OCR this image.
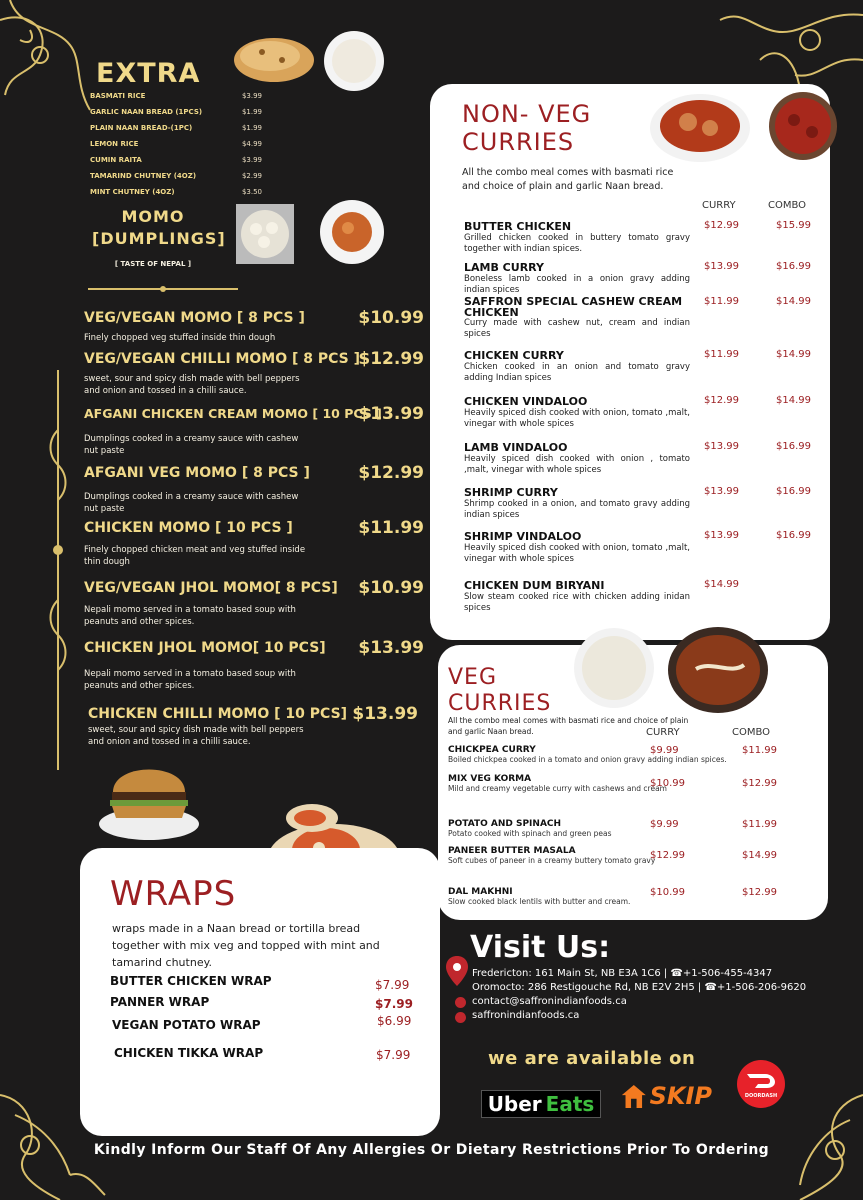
EXTRA
BASMATI RICE	$3.99
GARLIC NAAN BREAD (1PCS)	$1.99
PLAIN NAAN BREAD-(1PC)	$1.99
LEMON RICE	$4.99
CUMIN RAITA	$3.99
TAMARIND CHUTNEY (4OZ)	$2.99
MINT CHUTNEY (4OZ)	$3.50
MOMO
[DUMPLINGS]
[ TASTE OF NEPAL ]
VEG/VEGAN MOMO [ 8 PCS ]	$10.99
Finely chopped veg stuffed inside thin dough
VEG/VEGAN CHILLI MOMO [ 8 PCS ]
$12.99
sweet, sour and spicy dish made with bell peppers and onion and tossed in a chilli sauce.
AFGANI CHICKEN CREAM MOMO [ 10 PCS ]
$13.99
Dumplings cooked in a creamy sauce with cashew nut paste
AFGANI VEG MOMO [ 8 PCS ]	$12.99
Dumplings cooked in a creamy sauce with cashew nut paste
CHICKEN MOMO [ 10 PCS ]	$11.99
Finely chopped chicken meat and veg stuffed inside thin dough
VEG/VEGAN JHOL MOMO[ 8 PCS]	$10.99
Nepali momo served in a tomato based soup with peanuts and other spices.
CHICKEN JHOL MOMO[ 10 PCS]	$13.99
Nepali momo served in a tomato based soup with peanuts and other spices.
CHICKEN CHILLI MOMO [ 10 PCS] $13.99
sweet, sour and spicy dish made with bell peppers and onion and tossed in a chilli sauce.
NON- VEG
CURRIES
All the combo meal comes with basmati rice and choice of plain and garlic Naan bread.
CURRY	COMBO
BUTTER CHICKEN
Grilled chicken cooked in buttery tomato gravy together with indian spices.
$12.99	$15.99
LAMB CURRY
Boneless lamb cooked in a onion gravy adding indian spices
$13.99	$16.99
SAFFRON SPECIAL CASHEW CREAM CHICKEN
Curry made with cashew nut, cream and indian spices
$11.99	$14.99
CHICKEN CURRY
Chicken cooked in an onion and tomato gravy adding Indian spices
$11.99	$14.99
CHICKEN VINDALOO
Heavily spiced dish cooked with onion, tomato ,malt, vinegar with whole spices
$12.99	$14.99
LAMB VINDALOO
Heavily spiced dish cooked with onion , tomato ,malt, vinegar with whole spices
$13.99	$16.99
SHRIMP CURRY
Shrimp cooked in a onion, and tomato gravy adding indian spices
$13.99	$16.99
SHRIMP VINDALOO
Heavily spiced dish cooked with onion, tomato ,malt, vinegar with whole spices
$13.99	$16.99
CHICKEN DUM BIRYANI
Slow steam cooked rice with chicken adding inidan spices
$14.99
VEG
CURRIES
All the combo meal comes with basmati rice and choice of plain and garlic Naan bread.	CURRY	COMBO
CHICKPEA CURRY
Boiled chickpea cooked in a tomato and onion gravy adding indian spices.
$9.99	$11.99
MIX VEG KORMA
Mild and creamy vegetable curry with cashews and cream
$10.99	$12.99
POTATO AND SPINACH
Potato cooked with spinach and green peas
$9.99	$11.99
PANEER BUTTER MASALA
Soft cubes of paneer in a creamy buttery tomato gravy
$12.99	$14.99
DAL MAKHNI
Slow cooked black lentils with butter and cream.
$10.99	$12.99
WRAPS
wraps made in a Naan bread or tortilla bread together with mix veg and topped with mint and tamarind chutney.
BUTTER CHICKEN WRAP	$7.99
PANNER WRAP	$7.99
VEGAN POTATO WRAP	$6.99
CHICKEN TIKKA WRAP	$7.99
Visit Us:
Fredericton: 161 Main St, NB E3A 1C6 | ☎+1-506-455-4347
Oromocto: 286 Restigouche Rd, NB E2V 2H5 | ☎+1-506-206-9620
contact@saffronindianfoods.ca
saffronindianfoods.ca
we are available on
Uber Eats SKIP	DOORDASH
Kindly Inform Our Staff Of Any Allergies Or Dietary Restrictions Prior To Ordering
